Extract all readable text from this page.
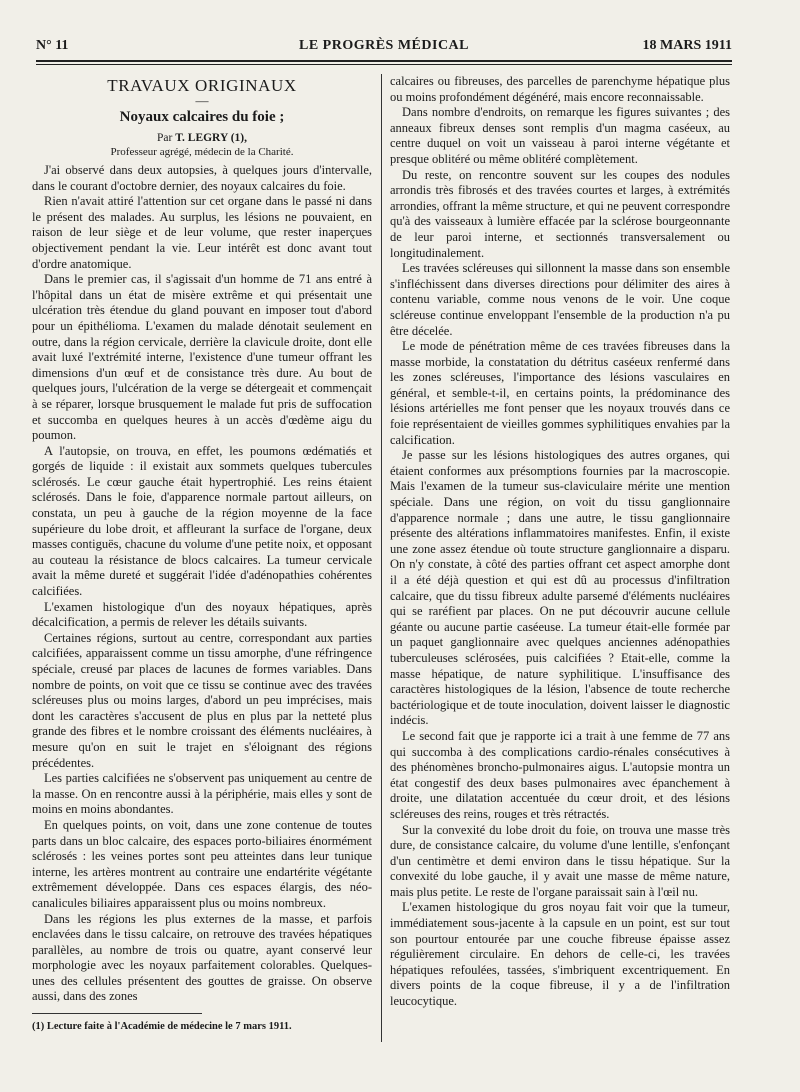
N° 11	LE PROGRÈS MÉDICAL	18 MARS 1911
TRAVAUX ORIGINAUX
—
Noyaux calcaires du foie ;
Par T. LEGRY (1),
Professeur agrégé, médecin de la Charité.

J'ai observé dans deux autopsies, à quelques jours d'intervalle, dans le courant d'octobre dernier, des noyaux calcaires du foie.

Rien n'avait attiré l'attention sur cet organe dans le passé ni dans le présent des malades. Au surplus, les lésions ne pouvaient, en raison de leur siège et de leur volume, que rester inaperçues objectivement pendant la vie. Leur intérêt est donc avant tout d'ordre anatomique.

Dans le premier cas, il s'agissait d'un homme de 71 ans entré à l'hôpital dans un état de misère extrême et qui présentait une ulcération très étendue du gland pouvant en imposer tout d'abord pour un épithélioma. L'examen du malade dénotait seulement en outre, dans la région cervicale, derrière la clavicule droite, dont elle avait luxé l'extrémité interne, l'existence d'une tumeur offrant les dimensions d'un œuf et de consistance très dure. Au bout de quelques jours, l'ulcération de la verge se détergeait et commençait à se réparer, lorsque brusquement le malade fut pris de suffocation et succomba en quelques heures à un accès d'œdème aigu du poumon.

A l'autopsie, on trouva, en effet, les poumons œdématiés et gorgés de liquide : il existait aux sommets quelques tubercules sclérosés. Le cœur gauche était hypertrophié. Les reins étaient sclérosés. Dans le foie, d'apparence normale partout ailleurs, on constata, un peu à gauche de la région moyenne de la face supérieure du lobe droit, et affleurant la surface de l'organe, deux masses contiguës, chacune du volume d'une petite noix, et opposant au couteau la résistance de blocs calcaires. La tumeur cervicale avait la même dureté et suggérait l'idée d'adénopathies cohérentes calcifiées.

L'examen histologique d'un des noyaux hépatiques, après décalcification, a permis de relever les détails suivants.

Certaines régions, surtout au centre, correspondant aux parties calcifiées, apparaissent comme un tissu amorphe, d'une réfringence spéciale, creusé par places de lacunes de formes variables. Dans nombre de points, on voit que ce tissu se continue avec des travées scléreuses plus ou moins larges, d'abord un peu imprécises, mais dont les caractères s'accusent de plus en plus par la netteté plus grande des fibres et le nombre croissant des éléments nucléaires, à mesure qu'on en suit le trajet en s'éloignant des régions précédentes.

Les parties calcifiées ne s'observent pas uniquement au centre de la masse. On en rencontre aussi à la périphérie, mais elles y sont de moins en moins abondantes.

En quelques points, on voit, dans une zone contenue de toutes parts dans un bloc calcaire, des espaces porto-biliaires énormément sclérosés : les veines portes sont peu atteintes dans leur tunique interne, les artères montrent au contraire une endartérite végétante extrêmement développée. Dans ces espaces élargis, des néo-canalicules biliaires apparaissent plus ou moins nombreux.

Dans les régions les plus externes de la masse, et parfois enclavées dans le tissu calcaire, on retrouve des travées hépatiques parallèles, au nombre de trois ou quatre, ayant conservé leur morphologie avec les noyaux parfaitement colorables. Quelques-unes des cellules présentent des gouttes de graisse. On observe aussi, dans des zones

(1) Lecture faite à l'Académie de médecine le 7 mars 1911.

calcaires ou fibreuses, des parcelles de parenchyme hépatique plus ou moins profondément dégénéré, mais encore reconnaissable.

Dans nombre d'endroits, on remarque les figures suivantes ; des anneaux fibreux denses sont remplis d'un magma caséeux, au centre duquel on voit un vaisseau à paroi interne végétante et presque oblitéré ou même oblitéré complètement.

Du reste, on rencontre souvent sur les coupes des nodules arrondis très fibrosés et des travées courtes et larges, à extrémités arrondies, offrant la même structure, et qui ne peuvent correspondre qu'à des vaisseaux à lumière effacée par la sclérose bourgeonnante de leur paroi interne, et sectionnés transversalement ou longitudinalement.

Les travées scléreuses qui sillonnent la masse dans son ensemble s'infléchissent dans diverses directions pour délimiter des aires à contenu variable, comme nous venons de le voir. Une coque scléreuse continue enveloppant l'ensemble de la production n'a pu être décelée.

Le mode de pénétration même de ces travées fibreuses dans la masse morbide, la constatation du détritus caséeux renfermé dans les zones scléreuses, l'importance des lésions vasculaires en général, et semble-t-il, en certains points, la prédominance des lésions artérielles me font penser que les noyaux trouvés dans ce foie représentaient de vieilles gommes syphilitiques envahies par la calcification.

Je passe sur les lésions histologiques des autres organes, qui étaient conformes aux présomptions fournies par la macroscopie. Mais l'examen de la tumeur sus-claviculaire mérite une mention spéciale. Dans une région, on voit du tissu ganglionnaire d'apparence normale ; dans une autre, le tissu ganglionnaire présente des altérations inflammatoires manifestes. Enfin, il existe une zone assez étendue où toute structure ganglionnaire a disparu. On n'y constate, à côté des parties offrant cet aspect amorphe dont il a été déjà question et qui est dû au processus d'infiltration calcaire, que du tissu fibreux adulte parsemé d'éléments nucléaires qui se raréfient par places. On ne put découvrir aucune cellule géante ou aucune partie caséeuse. La tumeur était-elle formée par un paquet ganglionnaire avec quelques anciennes adénopathies tuberculeuses sclérosées, puis calcifiées ? Etait-elle, comme la masse hépatique, de nature syphilitique. L'insuffisance des caractères histologiques de la lésion, l'absence de toute recherche bactériologique et de toute inoculation, doivent laisser le diagnostic indécis.

Le second fait que je rapporte ici a trait à une femme de 77 ans qui succomba à des complications cardio-rénales consécutives à des phénomènes broncho-pulmonaires aigus. L'autopsie montra un état congestif des deux bases pulmonaires avec épanchement à droite, une dilatation accentuée du cœur droit, et des lésions scléreuses des reins, rouges et très rétractés.

Sur la convexité du lobe droit du foie, on trouva une masse très dure, de consistance calcaire, du volume d'une lentille, s'enfonçant d'un centimètre et demi environ dans le tissu hépatique. Sur la convexité du lobe gauche, il y avait une masse de même nature, mais plus petite. Le reste de l'organe paraissait sain à l'œil nu.

L'examen histologique du gros noyau fait voir que la tumeur, immédiatement sous-jacente à la capsule en un point, est sur tout son pourtour entourée par une couche fibreuse épaisse assez régulièrement circulaire. En dehors de celle-ci, les travées hépatiques refoulées, tassées, s'imbriquent excentriquement. En divers points de la coque fibreuse, il y a de l'infiltration leucocytique.
